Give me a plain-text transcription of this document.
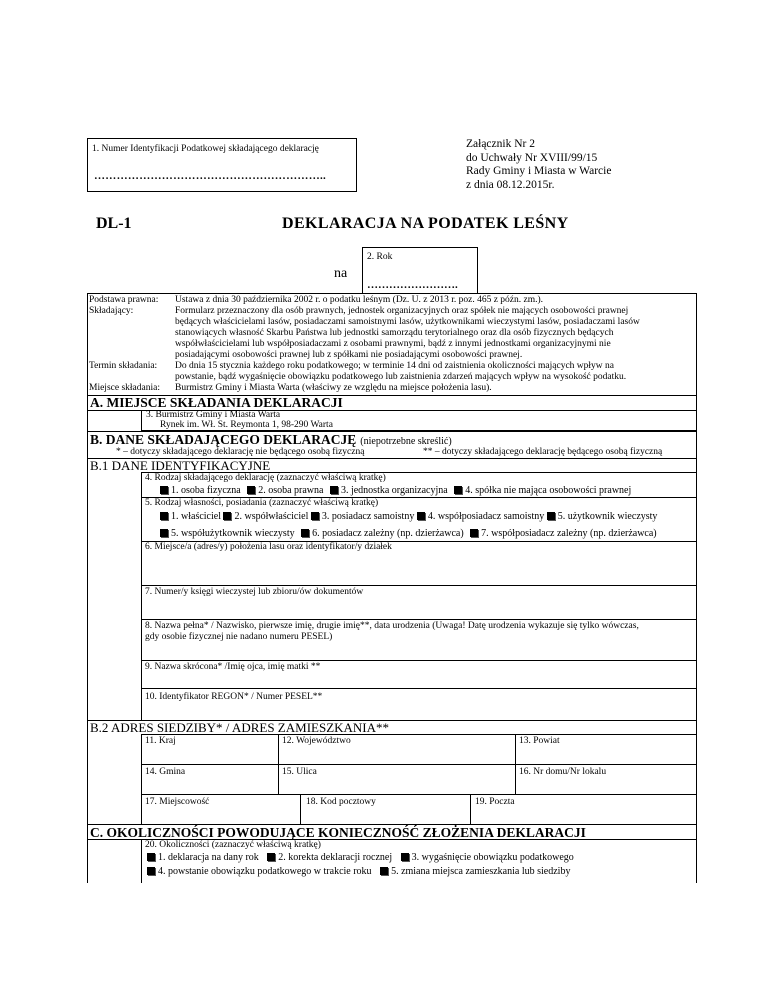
1. Numer Identyfikacji Podatkowej składającego deklarację
……………………………………………………..
Załącznik Nr 2
do Uchwały Nr XVIII/99/15
Rady Gminy i Miasta w Warcie
z dnia 08.12.2015r.
DL-1	DEKLARACJA NA PODATEK LEŚNY
na
2. Rok
…………………….
Podstawa prawna: Ustawa z dnia 30 października 2002 r. o podatku leśnym (Dz. U. z 2013 r. poz. 465 z późn. zm.).
Składający:	Formularz przeznaczony dla osób prawnych, jednostek organizacyjnych oraz spółek nie mających osobowości prawnej
będących właścicielami lasów, posiadaczami samoistnymi lasów, użytkownikami wieczystymi lasów, posiadaczami lasów
stanowiących własność Skarbu Państwa lub jednostki samorządu terytorialnego oraz dla osób fizycznych będących
współwłaścicielami lub współposiadaczami z osobami prawnymi, bądź z innymi jednostkami organizacyjnymi nie
posiadającymi osobowości prawnej lub z spółkami nie posiadającymi osobowości prawnej.
Termin składania: Do dnia 15 stycznia każdego roku podatkowego; w terminie 14 dni od zaistnienia okoliczności mających wpływ na
powstanie, bądź wygaśnięcie obowiązku podatkowego lub zaistnienia zdarzeń mających wpływ na wysokość podatku.
Miejsce składania: Burmistrz Gminy i Miasta Warta (właściwy ze względu na miejsce położenia lasu).
A. MIEJSCE SKŁADANIA DEKLARACJI
3. Burmistrz Gminy i Miasta Warta
Rynek im. Wł. St. Reymonta 1, 98-290 Warta
B. DANE SKŁADAJĄCEGO DEKLARACJĘ (niepotrzebne skreślić)
* – dotyczy składającego deklarację nie będącego osobą fizyczną	** – dotyczy składającego deklarację będącego osobą fizyczną
B.1 DANE IDENTYFIKACYJNE
4. Rodzaj składającego deklarację (zaznaczyć właściwą kratkę)
1. osoba fizyczna 2. osoba prawna 3. jednostka organizacyjna 4. spółka nie mająca osobowości prawnej
5. Rodzaj własności, posiadania (zaznaczyć właściwą kratkę)
1. właściciel 2. współwłaściciel 3. posiadacz samoistny 4. współposiadacz samoistny 5. użytkownik wieczysty
5. współużytkownik wieczysty 6. posiadacz zależny (np. dzierżawca) 7. współposiadacz zależny (np. dzierżawca)
6. Miejsce/a (adres/y) położenia lasu oraz identyfikator/y działek
7. Numer/y księgi wieczystej lub zbioru/ów dokumentów
8. Nazwa pełna* / Nazwisko, pierwsze imię, drugie imię**, data urodzenia (Uwaga! Datę urodzenia wykazuje się tylko wówczas,
gdy osobie fizycznej nie nadano numeru PESEL)
9. Nazwa skrócona* /Imię ojca, imię matki **
10. Identyfikator REGON* / Numer PESEL**
B.2 ADRES SIEDZIBY* / ADRES ZAMIESZKANIA**
11. Kraj	12. Województwo	13. Powiat
14. Gmina	15. Ulica	16. Nr domu/Nr lokalu
17. Miejscowość	18. Kod pocztowy	19. Poczta
C. OKOLICZNOŚCI POWODUJĄCE KONIECZNOŚĆ ZŁOŻENIA DEKLARACJI
20. Okoliczności (zaznaczyć właściwą kratkę)
1. deklaracja na dany rok 2. korekta deklaracji rocznej 3. wygaśnięcie obowiązku podatkowego
4. powstanie obowiązku podatkowego w trakcie roku 5. zmiana miejsca zamieszkania lub siedziby
